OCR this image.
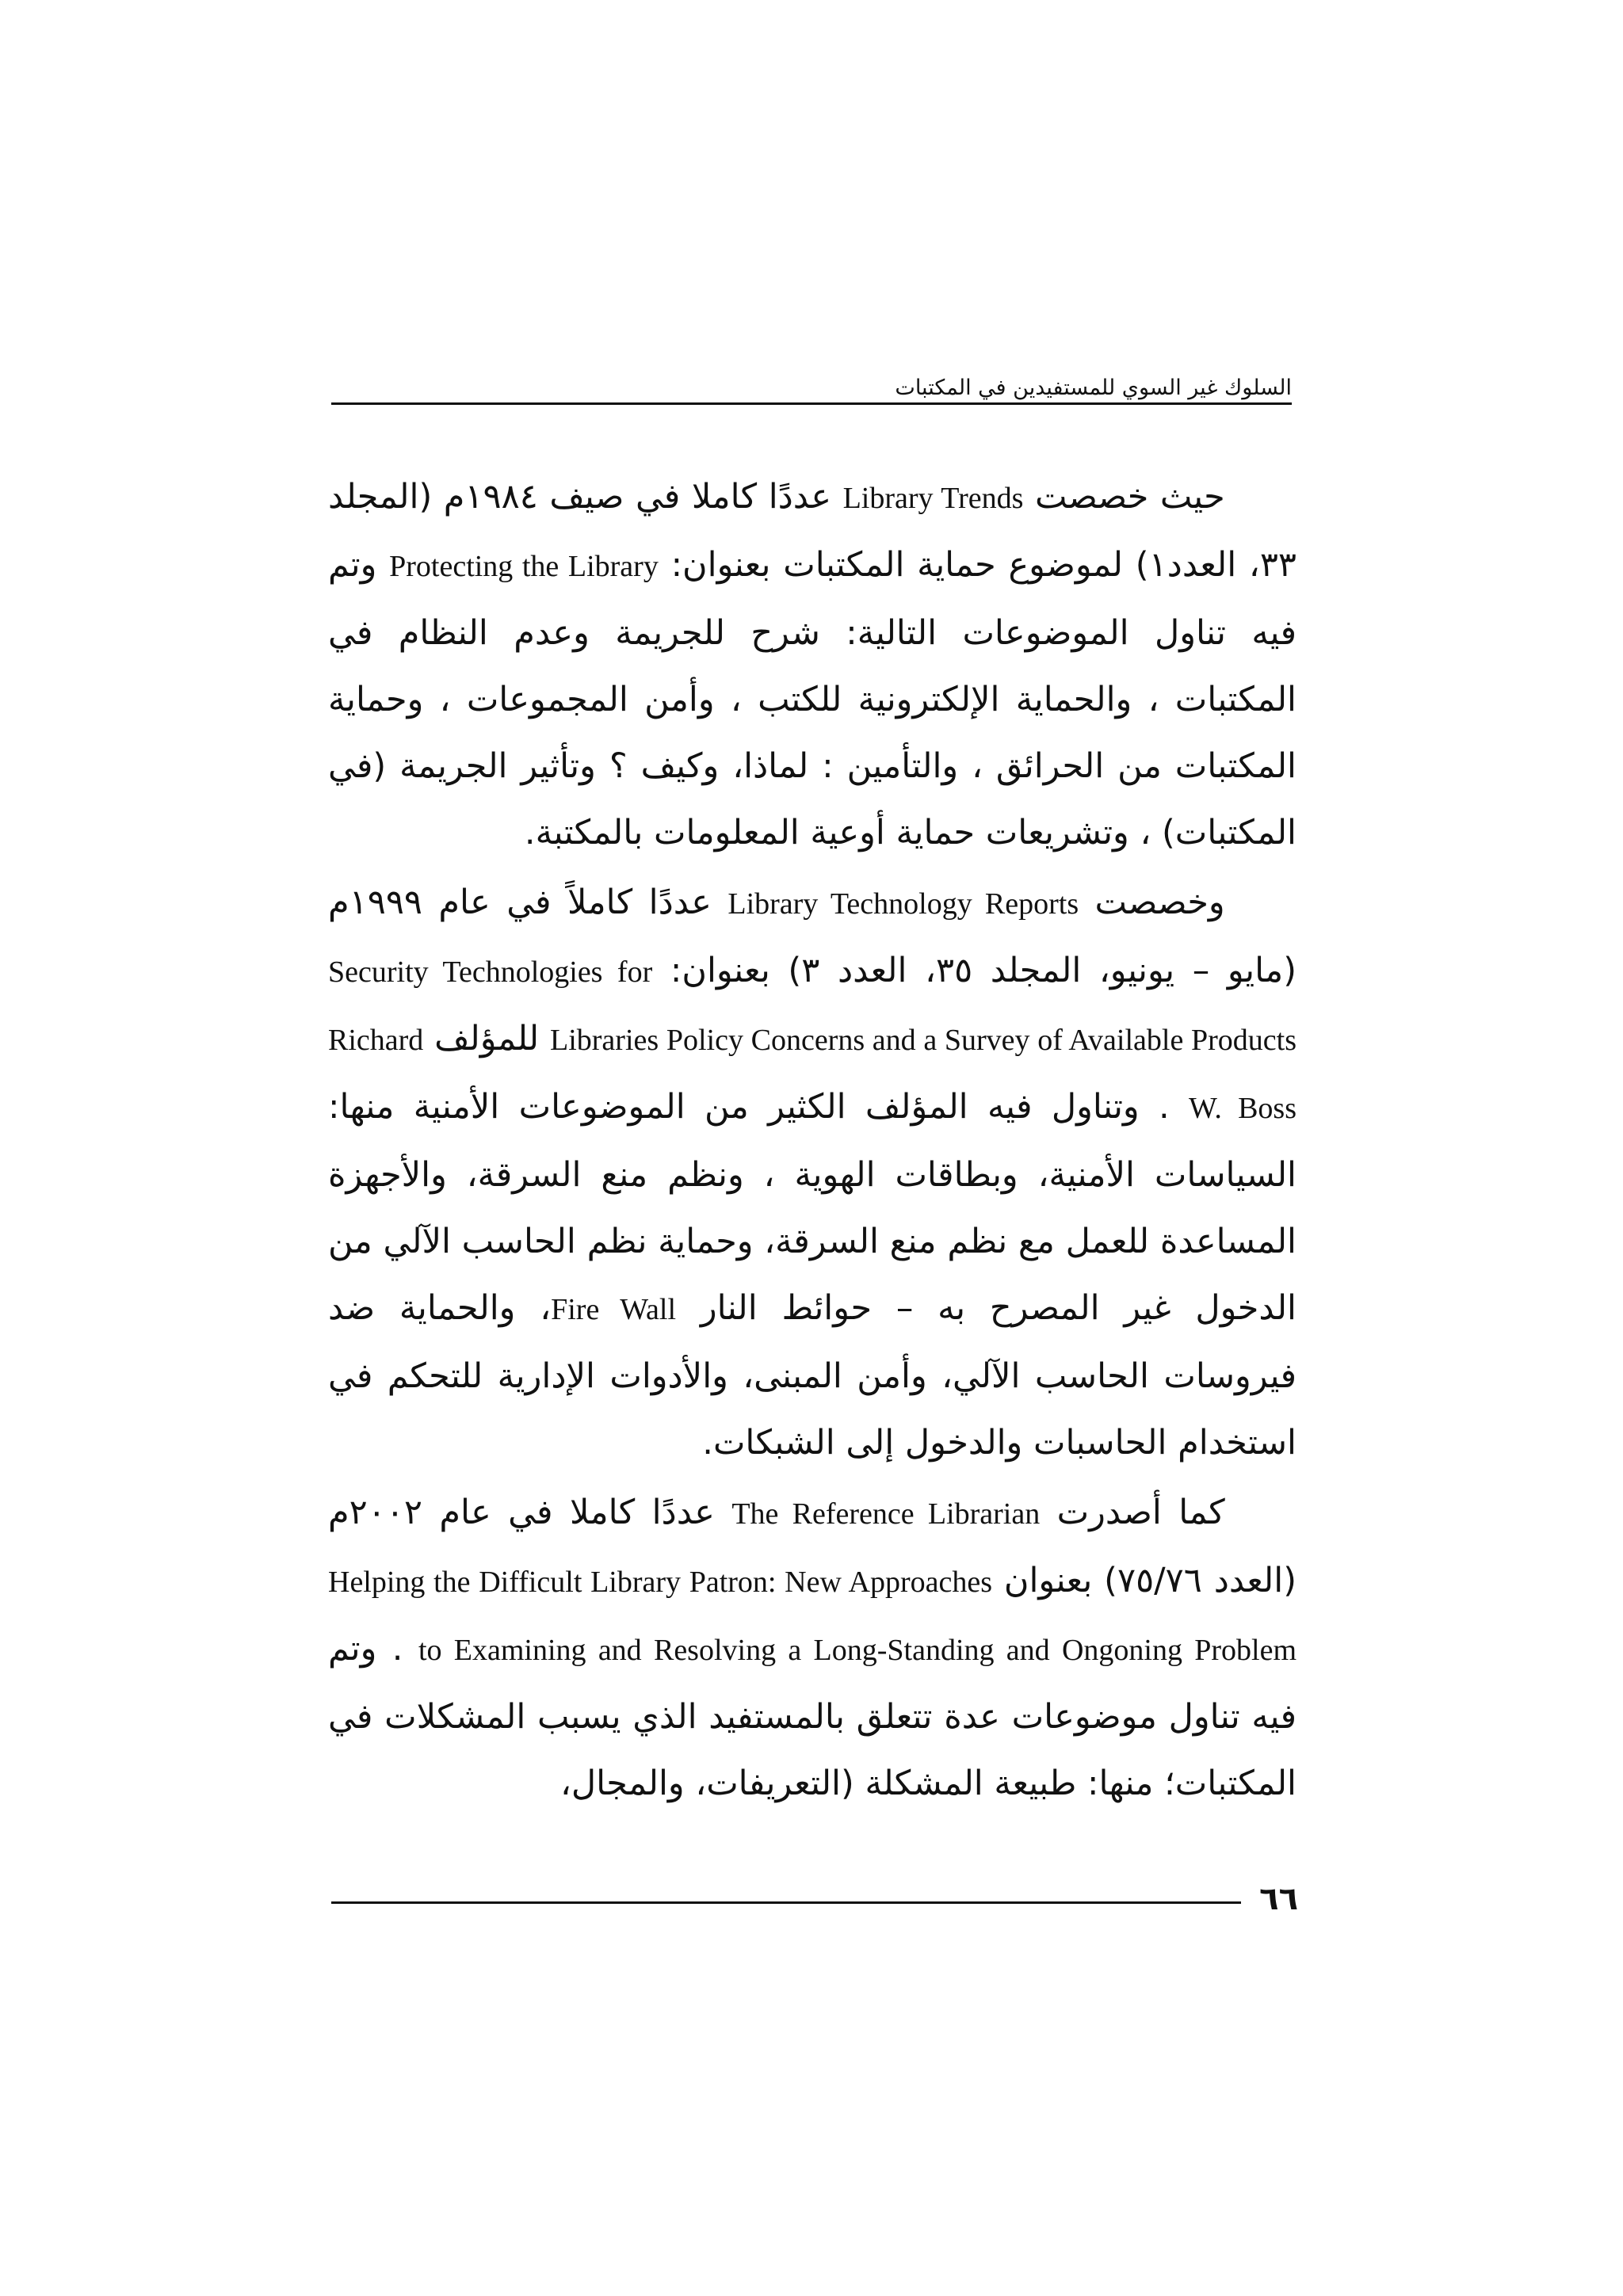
السلوك غير السوي للمستفيدين في المكتبات

حيث خصصت Library Trends عددًا كاملا في صيف ١٩٨٤م (المجلد ٣٣، العدد١) لموضوع حماية المكتبات بعنوان: Protecting the Library وتم فيه تناول الموضوعات التالية: شرح للجريمة وعدم النظام في المكتبات ، والحماية الإلكترونية للكتب ، وأمن المجموعات ، وحماية المكتبات من الحرائق ، والتأمين : لماذا، وكيف ؟ وتأثير الجريمة (في المكتبات) ، وتشريعات حماية أوعية المعلومات بالمكتبة.

وخصصت Library Technology Reports عددًا كاملاً في عام ١٩٩٩م (مايو – يونيو، المجلد ٣٥، العدد ٣) بعنوان: Security Technologies for Libraries Policy Concerns and a Survey of Available Products للمؤلف Richard W. Boss . وتناول فيه المؤلف الكثير من الموضوعات الأمنية منها: السياسات الأمنية، وبطاقات الهوية ، ونظم منع السرقة، والأجهزة المساعدة للعمل مع نظم منع السرقة، وحماية نظم الحاسب الآلي من الدخول غير المصرح به – حوائط النار Fire Wall، والحماية ضد فيروسات الحاسب الآلي، وأمن المبنى، والأدوات الإدارية للتحكم في استخدام الحاسبات والدخول إلى الشبكات.

كما أصدرت The Reference Librarian عددًا كاملا في عام ٢٠٠٢م (العدد ٧٥/٧٦) بعنوان Helping the Difficult Library Patron: New Approaches to Examining and Resolving a Long-Standing and Ongoning Problem . وتم فيه تناول موضوعات عدة تتعلق بالمستفيد الذي يسبب المشكلات في المكتبات؛ منها: طبيعة المشكلة (التعريفات، والمجال،

٦٦
